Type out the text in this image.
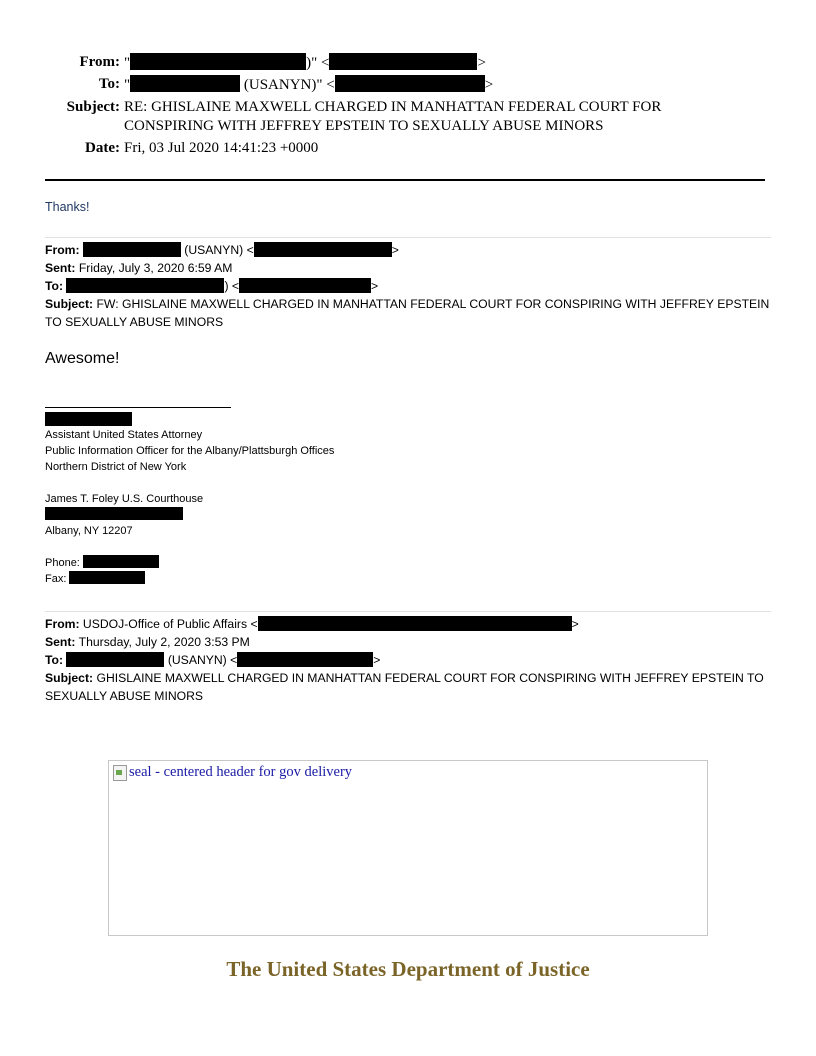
From: "	)" <	>
To: "	(USANYN)" <	>
Subject: RE: GHISLAINE MAXWELL CHARGED IN MANHATTAN FEDERAL COURT FOR
CONSPIRING WITH JEFFREY EPSTEIN TO SEXUALLY ABUSE MINORS
Date: Fri, 03 Jul 2020 14:41:23 +0000
Thanks!
From:	(USANYN) <	>
Sent: Friday, July 3, 2020 6:59 AM
To:	) <	>
Subject: FW: GHISLAINE MAXWELL CHARGED IN MANHATTAN FEDERAL COURT FOR CONSPIRING WITH JEFFREY EPSTEIN TO SEXUALLY ABUSE MINORS
Awesome!
Assistant United States Attorney
Public Information Officer for the Albany/Plattsburgh Offices
Northern District of New York
James T. Foley U.S. Courthouse
Albany, NY 12207
Phone:
Fax:
From: USDOJ-Office of Public Affairs <	>
Sent: Thursday, July 2, 2020 3:53 PM
To:	(USANYN) <	>
Subject: GHISLAINE MAXWELL CHARGED IN MANHATTAN FEDERAL COURT FOR CONSPIRING WITH JEFFREY EPSTEIN TO SEXUALLY ABUSE MINORS
seal - centered header for gov delivery
The United States Department of Justice
